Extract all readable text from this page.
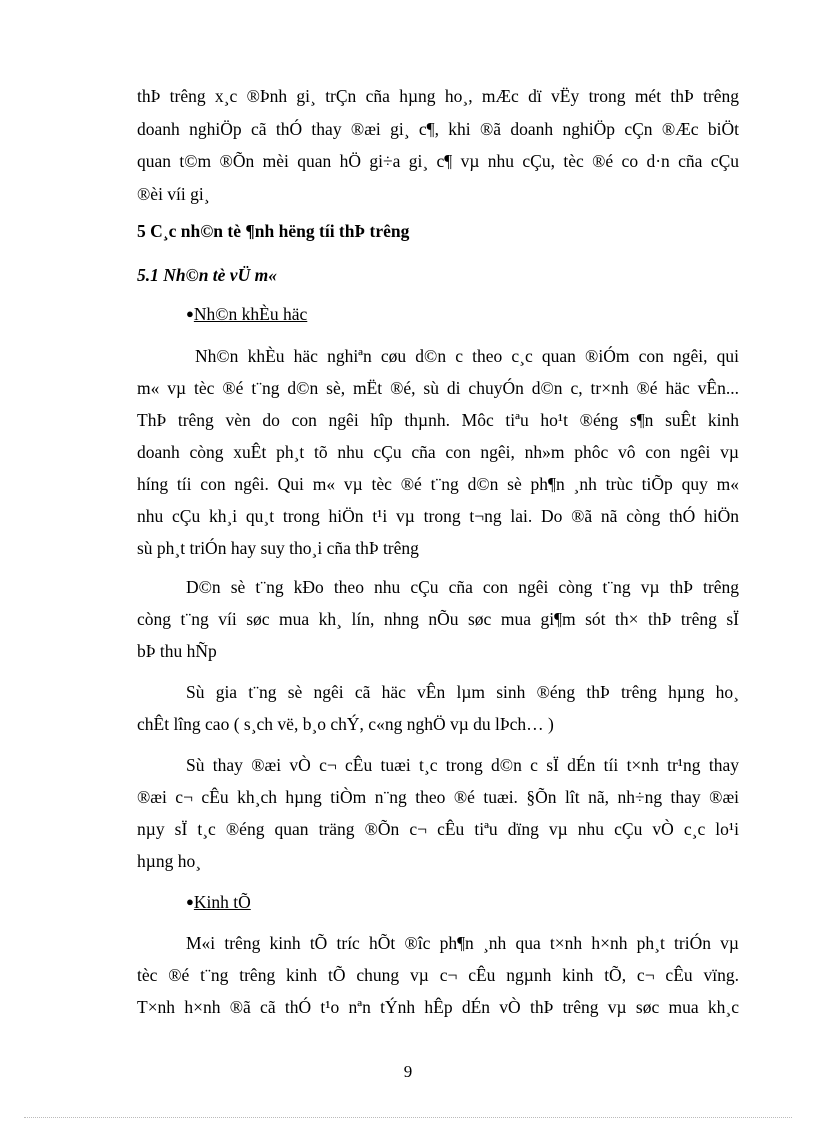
thÞ trêng x¸c ®Þnh gi¸ trÇn cña hµng ho¸, mÆc dï vËy trong mét thÞ trêng
doanh nghiÖp cã thÓ thay ®æi gi¸ c¶, khi ®ã doanh nghiÖp cÇn ®Æc biÖt
quan t©m ®Õn mèi quan hÖ gi÷a gi¸ c¶ vµ nhu cÇu, tèc ®é co d·n cña cÇu
®èi víi gi¸
5 C¸c nh©n tè ¶nh hëng tíi thÞ trêng
5.1 Nh©n tè vÜ m«
●Nh©n khÈu häc
Nh©n khÈu häc nghiªn cøu d©n c theo c¸c quan ®iÓm con ngêi, qui
m« vµ tèc ®é t¨ng d©n sè, mËt ®é, sù di chuyÓn d©n c, tr×nh ®é häc vÊn...
ThÞ trêng vèn do con ngêi hîp thµnh. Môc tiªu ho¹t ®éng s¶n suÊt kinh
doanh còng xuÊt ph¸t tõ nhu cÇu cña con ngêi, nh»m phôc vô con ngêi vµ
híng tíi con ngêi. Qui m« vµ tèc ®é t¨ng d©n sè ph¶n ¸nh trùc tiÕp quy m«
nhu cÇu kh¸i qu¸t trong hiÖn t¹i vµ trong t¬ng lai. Do ®ã nã còng thÓ hiÖn
sù ph¸t triÓn hay suy tho¸i cña thÞ trêng
D©n sè t¨ng kÐo theo nhu cÇu cña con ngêi còng t¨ng vµ thÞ trêng
còng t¨ng víi søc mua kh¸ lín, nhng nÕu søc mua gi¶m sót th× thÞ trêng sÏ
bÞ thu hÑp
Sù gia t¨ng sè ngêi cã häc vÊn lµm sinh ®éng thÞ trêng hµng ho¸
chÊt lîng cao ( s¸ch vë, b¸o chÝ, c«ng nghÖ vµ du lÞch… )
Sù thay ®æi vÒ c¬ cÊu tuæi t¸c trong d©n c sÏ dÉn tíi t×nh tr¹ng thay
®æi c¬ cÊu kh¸ch hµng tiÒm n¨ng theo ®é tuæi. §Õn lît nã, nh÷ng thay ®æi
nµy sÏ t¸c ®éng quan träng ®Õn c¬ cÊu tiªu dïng vµ nhu cÇu vÒ c¸c lo¹i
hµng ho¸
●Kinh tÕ
M«i trêng kinh tÕ tríc hÕt ®îc ph¶n ¸nh qua t×nh h×nh ph¸t triÓn vµ
tèc ®é t¨ng trêng kinh tÕ chung vµ c¬ cÊu ngµnh kinh tÕ, c¬ cÊu vïng.
T×nh h×nh ®ã cã thÓ t¹o nªn tÝnh hÊp dÉn vÒ thÞ trêng vµ søc mua kh¸c
9
